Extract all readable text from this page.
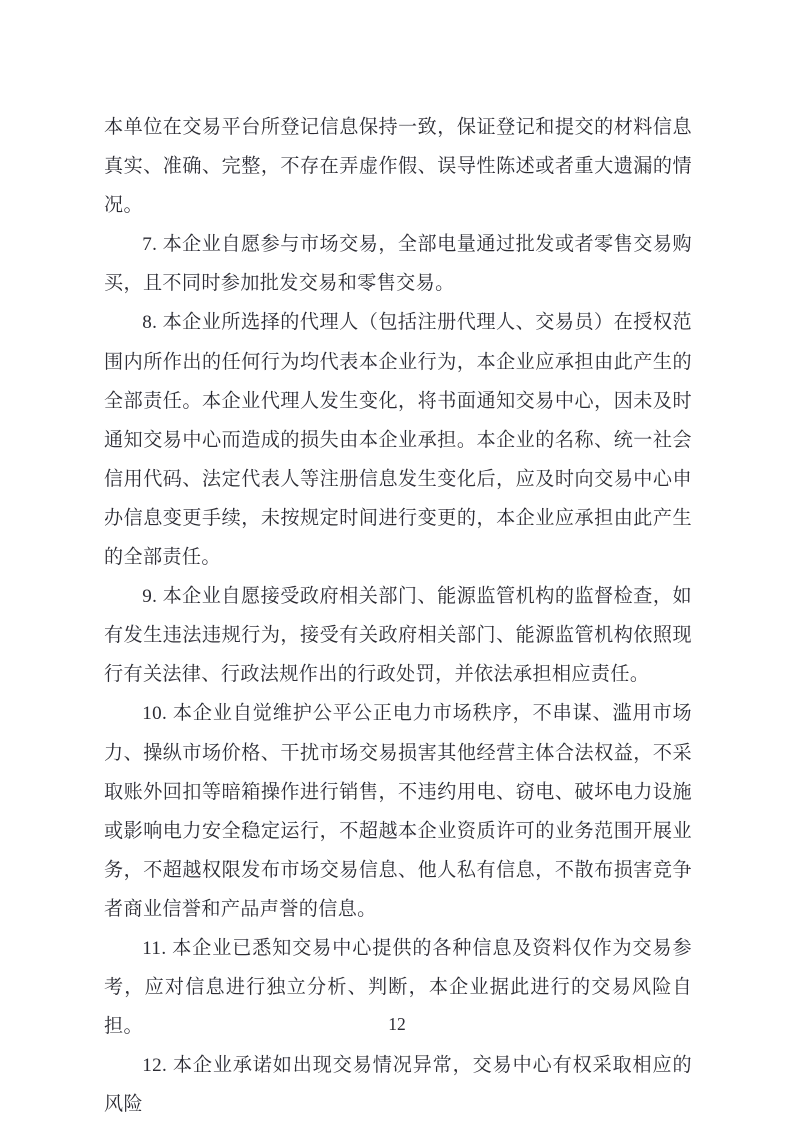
本单位在交易平台所登记信息保持一致，保证登记和提交的材料信息真实、准确、完整，不存在弄虚作假、误导性陈述或者重大遗漏的情况。

7. 本企业自愿参与市场交易，全部电量通过批发或者零售交易购买，且不同时参加批发交易和零售交易。

8. 本企业所选择的代理人（包括注册代理人、交易员）在授权范围内所作出的任何行为均代表本企业行为，本企业应承担由此产生的全部责任。本企业代理人发生变化，将书面通知交易中心，因未及时通知交易中心而造成的损失由本企业承担。本企业的名称、统一社会信用代码、法定代表人等注册信息发生变化后，应及时向交易中心申办信息变更手续，未按规定时间进行变更的，本企业应承担由此产生的全部责任。

9. 本企业自愿接受政府相关部门、能源监管机构的监督检查，如有发生违法违规行为，接受有关政府相关部门、能源监管机构依照现行有关法律、行政法规作出的行政处罚，并依法承担相应责任。

10. 本企业自觉维护公平公正电力市场秩序，不串谋、滥用市场力、操纵市场价格、干扰市场交易损害其他经营主体合法权益，不采取账外回扣等暗箱操作进行销售，不违约用电、窃电、破坏电力设施或影响电力安全稳定运行，不超越本企业资质许可的业务范围开展业务，不超越权限发布市场交易信息、他人私有信息，不散布损害竞争者商业信誉和产品声誉的信息。

11. 本企业已悉知交易中心提供的各种信息及资料仅作为交易参考，应对信息进行独立分析、判断，本企业据此进行的交易风险自担。

12. 本企业承诺如出现交易情况异常，交易中心有权采取相应的风险

12
